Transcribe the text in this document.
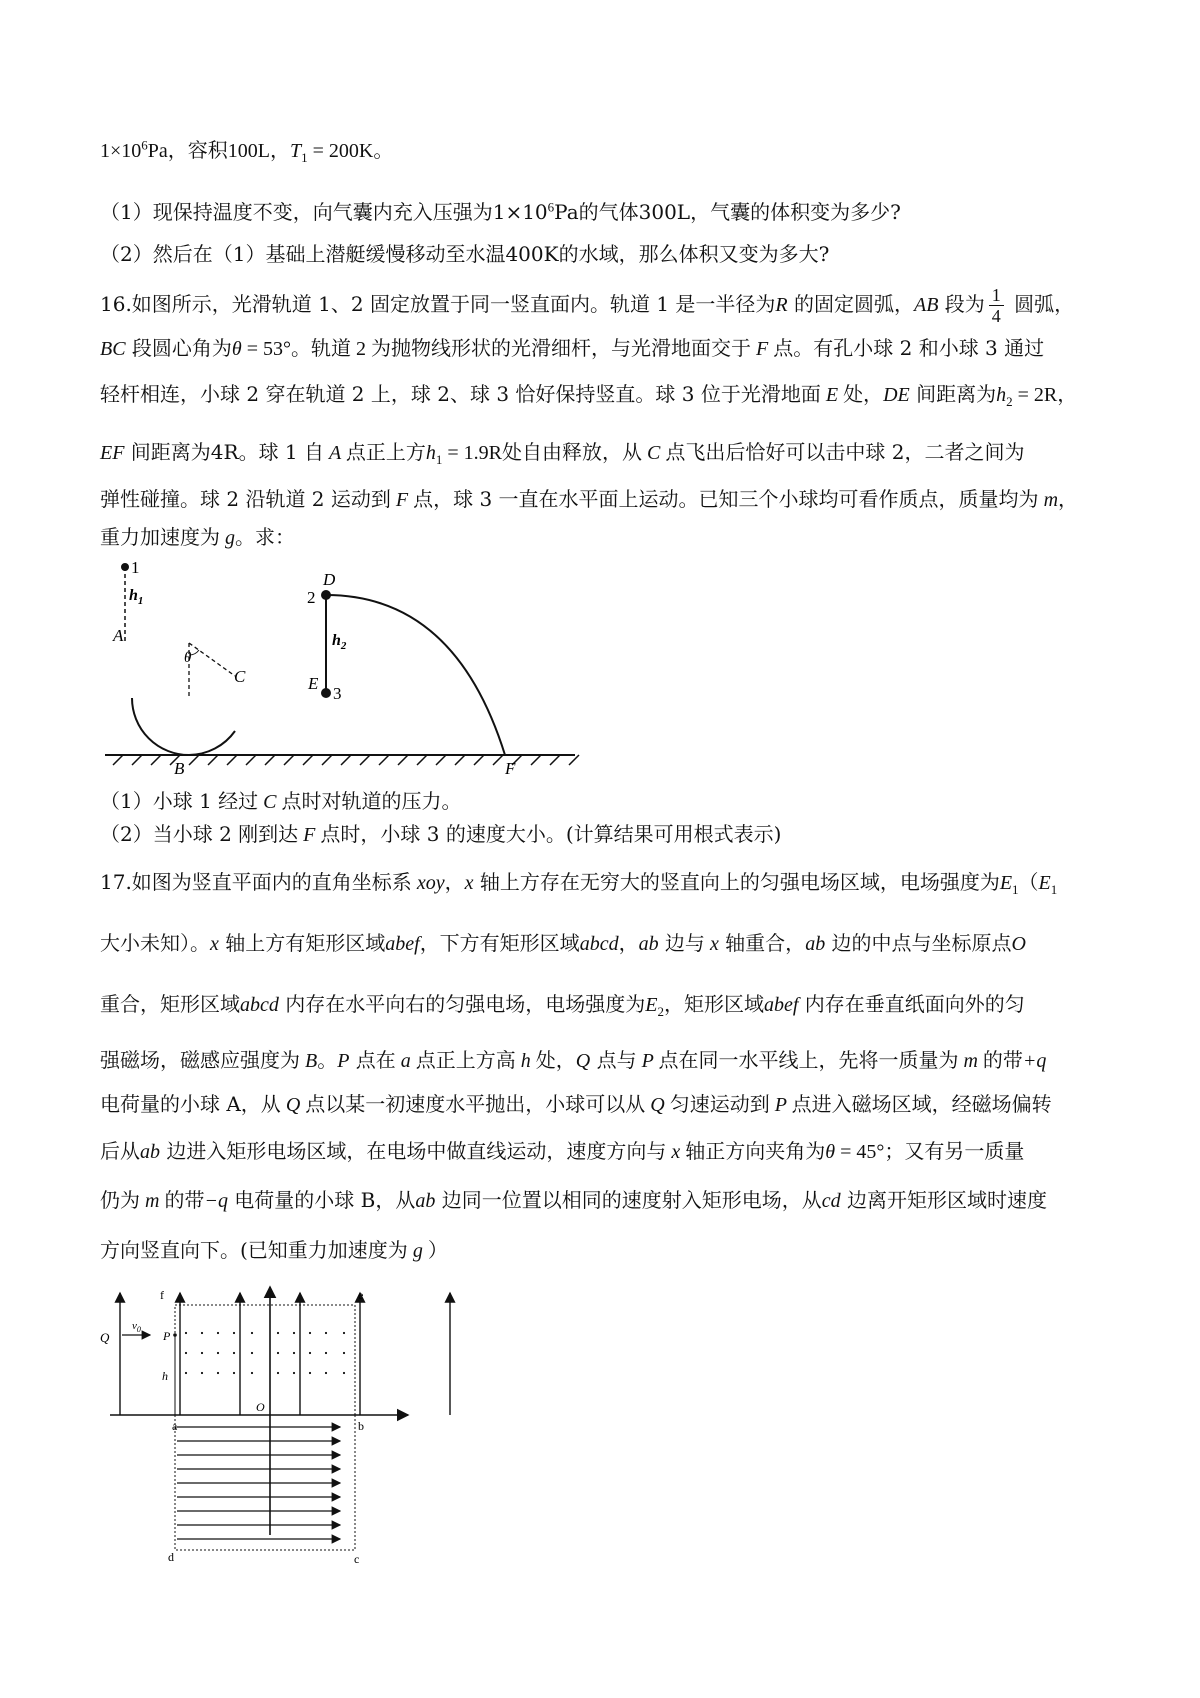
$1\times 10^6Pa$，容积100L，$T_1 = 200K$。
（1）现保持温度不变，向气囊内充入压强为$1\times 10^6Pa$的气体300L，气囊的体积变为多少?
（2）然后在（1）基础上潜艇缓慢移动至水温400K的水域，那么体积又变为多大?
16.如图所示，光滑轨道 1、2 固定放置于同一竖直面内。轨道 1 是一半径为R 的固定圆弧，AB 段为 $\frac{1}{4}$ 圆弧，
BC 段圆心角为θ = 53°。轨道 2 为抛物线形状的光滑细杆，与光滑地面交于 F 点。有孔小球 2 和小球 3 通过
轻杆相连，小球 2 穿在轨道 2 上，球 2、球 3 恰好保持竖直。球 3 位于光滑地面 E 处，DE 间距离为$h_2 = 2R$，
EF 间距离为4R。球 1 自 A 点正上方$h_1 = 1.9R$处自由释放，从 C 点飞出后恰好可以击中球 2，二者之间为
弹性碰撞。球 2 沿轨道 2 运动到 F 点，球 3 一直在水平面上运动。已知三个小球均可看作质点，质量均为 m，
重力加速度为 g。求：
$h_1$
1
A
θ
C
B
D
2
$h_2$
E
3
F
（1）小球 1 经过 C 点时对轨道的压力。
（2）当小球 2 刚到达 F 点时，小球 3 的速度大小。(计算结果可用根式表示)
17.如图为竖直平面内的直角坐标系 xoy，x 轴上方存在无穷大的竖直向上的匀强电场区域，电场强度为$E_1(E_1$
大小未知）。x 轴上方有矩形区域abef，下方有矩形区域abcd，ab 边与 x 轴重合，ab 边的中点与坐标原点O
重合，矩形区域abcd 内存在水平向右的匀强电场，电场强度为$E_2$，矩形区域abef 内存在垂直纸面向外的匀
强磁场，磁感应强度为 B。P 点在 a 点正上方高 h 处，Q 点与 P 点在同一水平线上，先将一质量为 m 的带+q
电荷量的小球 A，从 Q 点以某一初速度水平抛出，小球可以从 Q 匀速运动到 P 点进入磁场区域，经磁场偏转
后从ab 边进入矩形电场区域，在电场中做直线运动，速度方向与 x 轴正方向夹角为θ = 45°；又有另一质量
仍为 m 的带−q 电荷量的小球 B，从ab 边同一位置以相同的速度射入矩形电场，从cd 边离开矩形区域时速度
方向竖直向下。(已知重力加速度为 g ）
f	e
Q
$v_0$ P
h
O
a	b
d	c
